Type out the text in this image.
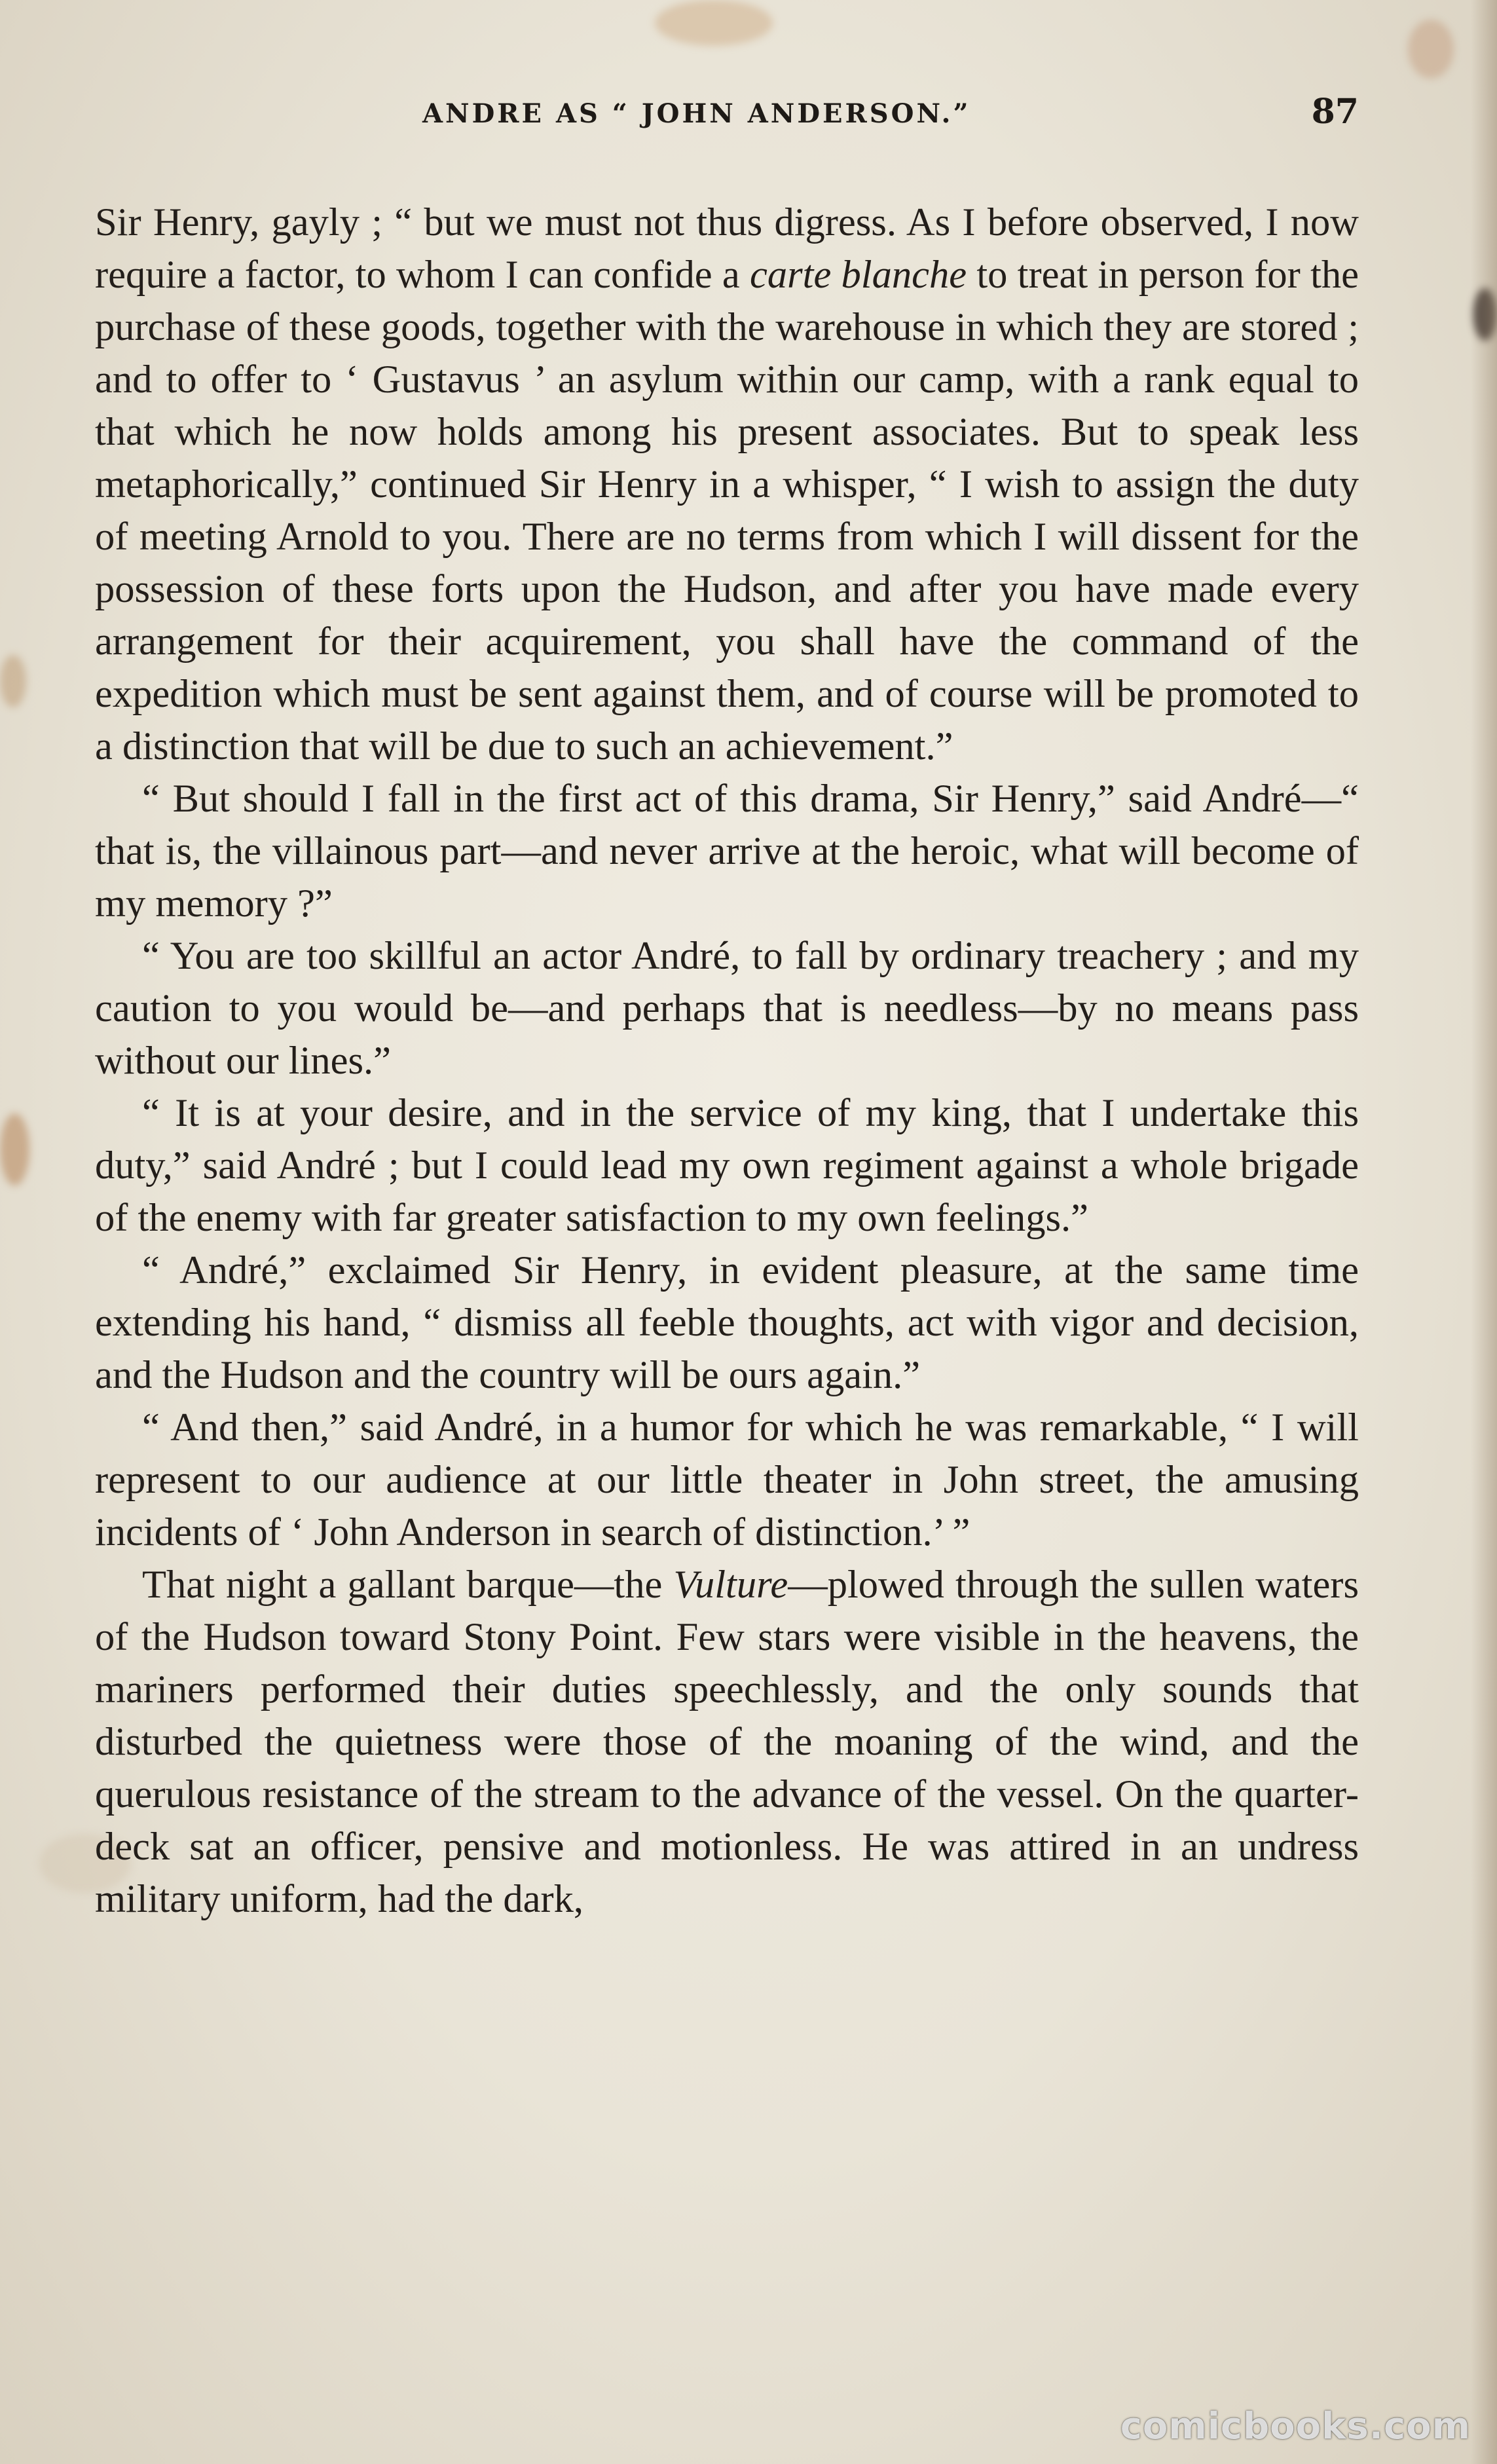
ANDRE AS “ JOHN ANDERSON.”	87

Sir Henry, gayly ; “ but we must not thus digress. As I before observed, I now require a factor, to whom I can confide a carte blanche to treat in person for the purchase of these goods, together with the warehouse in which they are stored ; and to offer to ‘ Gustavus ’ an asylum within our camp, with a rank equal to that which he now holds among his present associates. But to speak less metaphorically,” continued Sir Henry in a whisper, “ I wish to assign the duty of meeting Arnold to you. There are no terms from which I will dissent for the possession of these forts upon the Hudson, and after you have made every arrangement for their acquirement, you shall have the command of the expedition which must be sent against them, and of course will be promoted to a distinction that will be due to such an achievement.”

“ But should I fall in the first act of this drama, Sir Henry,” said André—“ that is, the villainous part—and never arrive at the heroic, what will become of my memory ?”

“ You are too skillful an actor André, to fall by ordinary treachery ; and my caution to you would be—and perhaps that is needless—by no means pass without our lines.”

“ It is at your desire, and in the service of my king, that I undertake this duty,” said André ; but I could lead my own regiment against a whole brigade of the enemy with far greater satisfaction to my own feelings.”

“ André,” exclaimed Sir Henry, in evident pleasure, at the same time extending his hand, “ dismiss all feeble thoughts, act with vigor and decision, and the Hudson and the country will be ours again.”

“ And then,” said André, in a humor for which he was remarkable, “ I will represent to our audience at our little theater in John street, the amusing incidents of ‘ John Anderson in search of distinction.’ ”

That night a gallant barque—the Vulture—plowed through the sullen waters of the Hudson toward Stony Point. Few stars were visible in the heavens, the mariners performed their duties speechlessly, and the only sounds that disturbed the quietness were those of the moaning of the wind, and the querulous resistance of the stream to the advance of the vessel. On the quarter-deck sat an officer, pensive and motionless. He was attired in an undress military uniform, had the dark,

comicbooks.com
